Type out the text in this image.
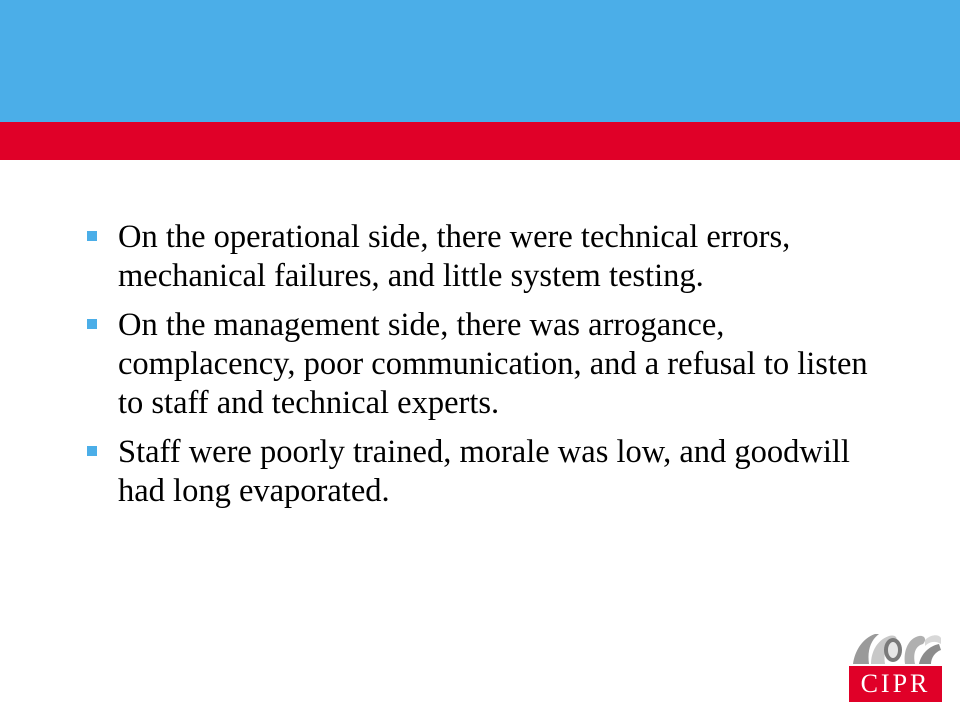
On the operational side, there were technical errors, mechanical failures, and little system testing.
On the management side, there was arrogance, complacency, poor communication, and a refusal to listen to staff and technical experts.
Staff were poorly trained, morale was low, and goodwill had long evaporated.
CIPR
